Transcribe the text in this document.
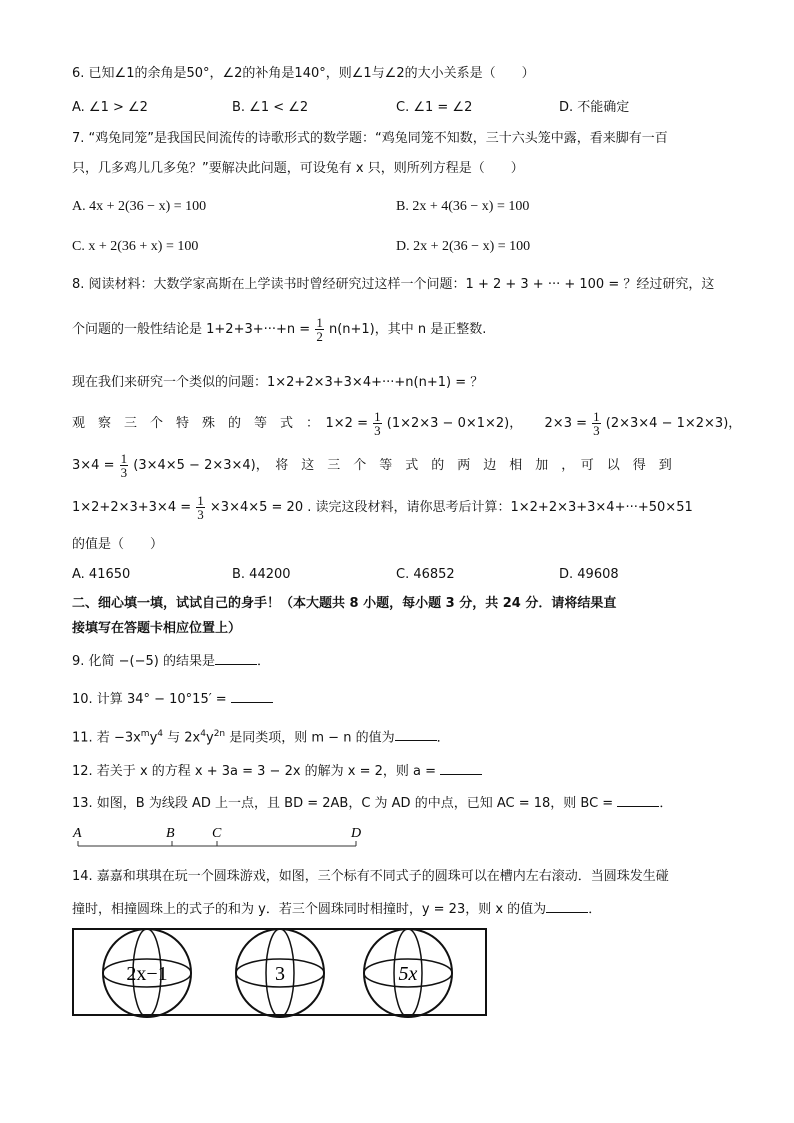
6. 已知∠1的余角是50°，∠2的补角是140°，则∠1与∠2的大小关系是（　　）
A. ∠1 > ∠2	B. ∠1 < ∠2	C. ∠1 = ∠2	D. 不能确定
7. “鸡兔同笼”是我国民间流传的诗歌形式的数学题：“鸡兔同笼不知数，三十六头笼中露，看来脚有一百
只，几多鸡儿几多兔？”要解决此问题，可设兔有 x 只，则所列方程是（　　）
A. 4x + 2(36 − x) = 100	B. 2x + 4(36 − x) = 100
C. x + 2(36 + x) = 100	D. 2x + 2(36 − x) = 100
8. 阅读材料：大数学家高斯在上学读书时曾经研究过这样一个问题：1 + 2 + 3 + ··· + 100 = ？经过研究，这
个问题的一般性结论是 $1+2+3+\cdot\cdot\cdot+n = \frac{1}{2} n(n+1)$，其中 n 是正整数.
现在我们来研究一个类似的问题：1×2+2×3+3×4+···+n(n+1) = ？
观　察　三　个　特　殊　的　等　式　：　$1\times 2 = \frac{1}{3} (1\times 2\times 3 - 0\times 1\times 2)$， $2\times 3 = \frac{1}{3} (2\times 3\times 4 - 1\times 2\times 3)$，
$3\times 4 = \frac{1}{3} (3\times 4\times 5 - 2\times 3\times 4)$，　将　这　三　个　等　式　的　两　边　相　加　，　可　以　得　到
$1\times 2+2\times 3+3\times 4 = \frac{1}{3} \times 3\times 4\times 5 = 20$ . 读完这段材料，请你思考后计算：1×2+2×3+3×4+···+50×51
的值是（　　）
A. 41650	B. 44200	C. 46852	D. 49608
二、细心填一填，试试自己的身手！（本大题共 8 小题，每小题 3 分，共 24 分．请将结果直
接填写在答题卡相应位置上）
9. 化简 −(−5) 的结果是	．
10. 计算 34° − 10°15′ =
11. 若 $-3x^my^4$ 与 $2x^4y^{2n}$ 是同类项，则 m − n 的值为	．
12. 若关于 x 的方程 x + 3a = 3 − 2x 的解为 x = 2，则 a =
13. 如图，B 为线段 AD 上一点，且 BD = 2AB，C 为 AD 的中点，已知 AC = 18，则 BC =	．
A	B	C	D
14. 嘉嘉和琪琪在玩一个圆珠游戏，如图，三个标有不同式子的圆珠可以在槽内左右滚动．当圆珠发生碰
撞时，相撞圆珠上的式子的和为 y．若三个圆珠同时相撞时，y = 23，则 x 的值为	．
2x−1	3	5x
